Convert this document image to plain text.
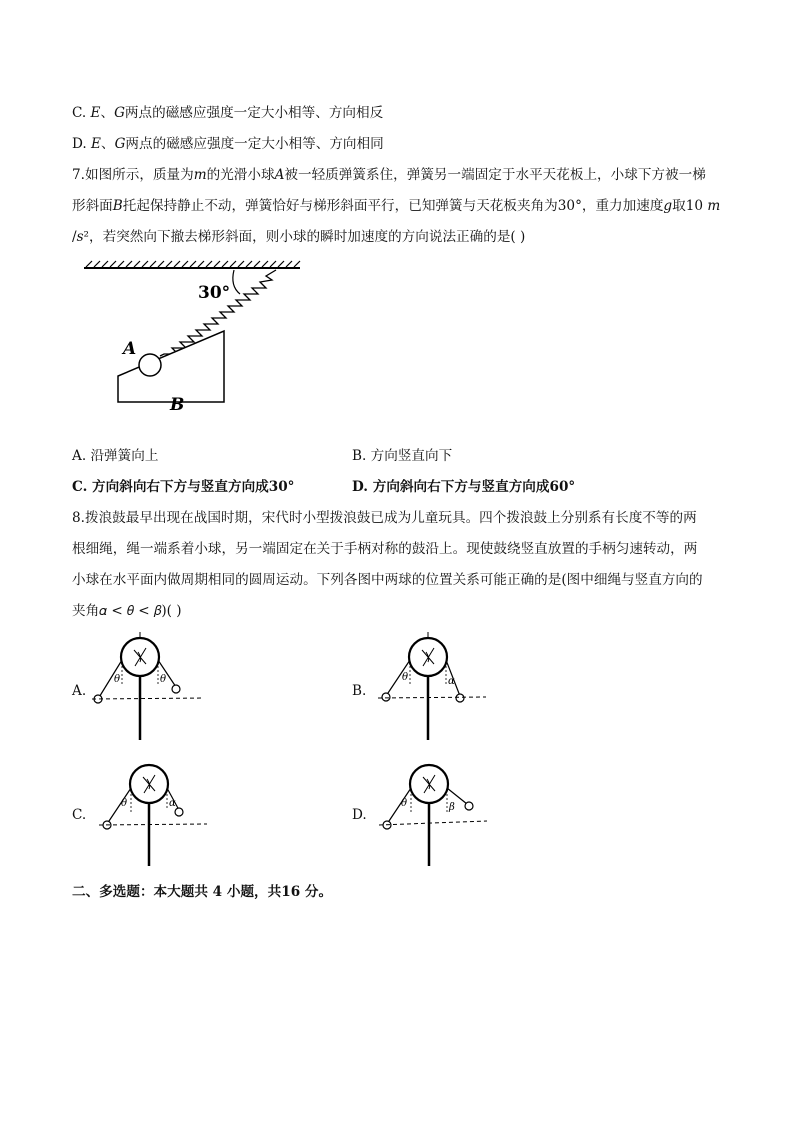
C. 𝐸、𝐺两点的磁感应强度一定大小相等、方向相反
D. 𝐸、𝐺两点的磁感应强度一定大小相等、方向相同
7.如图所示，质量为𝑚的光滑小球𝐴被一轻质弹簧系住，弹簧另一端固定于水平天花板上，小球下方被一梯
形斜面𝐵托起保持静止不动，弹簧恰好与梯形斜面平行，已知弹簧与天花板夹角为30°，重力加速度𝑔取10 𝑚
/𝑠²，若突然向下撤去梯形斜面，则小球的瞬时加速度的方向说法正确的是( )
30°
A
B
A. 沿弹簧向上	B. 方向竖直向下
C. 方向斜向右下方与竖直方向成30°	D. 方向斜向右下方与竖直方向成60°
8.拨浪鼓最早出现在战国时期，宋代时小型拨浪鼓已成为儿童玩具。四个拨浪鼓上分别系有长度不等的两
根细绳，绳一端系着小球，另一端固定在关于手柄对称的鼓沿上。现使鼓绕竖直放置的手柄匀速转动，两
小球在水平面内做周期相同的圆周运动。下列各图中两球的位置关系可能正确的是(图中细绳与竖直方向的
夹角𝛼 < 𝜃 < 𝛽)( )
A.
θ	θ
B.
θ	α
C.
θ	α
D.
θ	β
二、多选题：本大题共 4 小题，共16 分。
